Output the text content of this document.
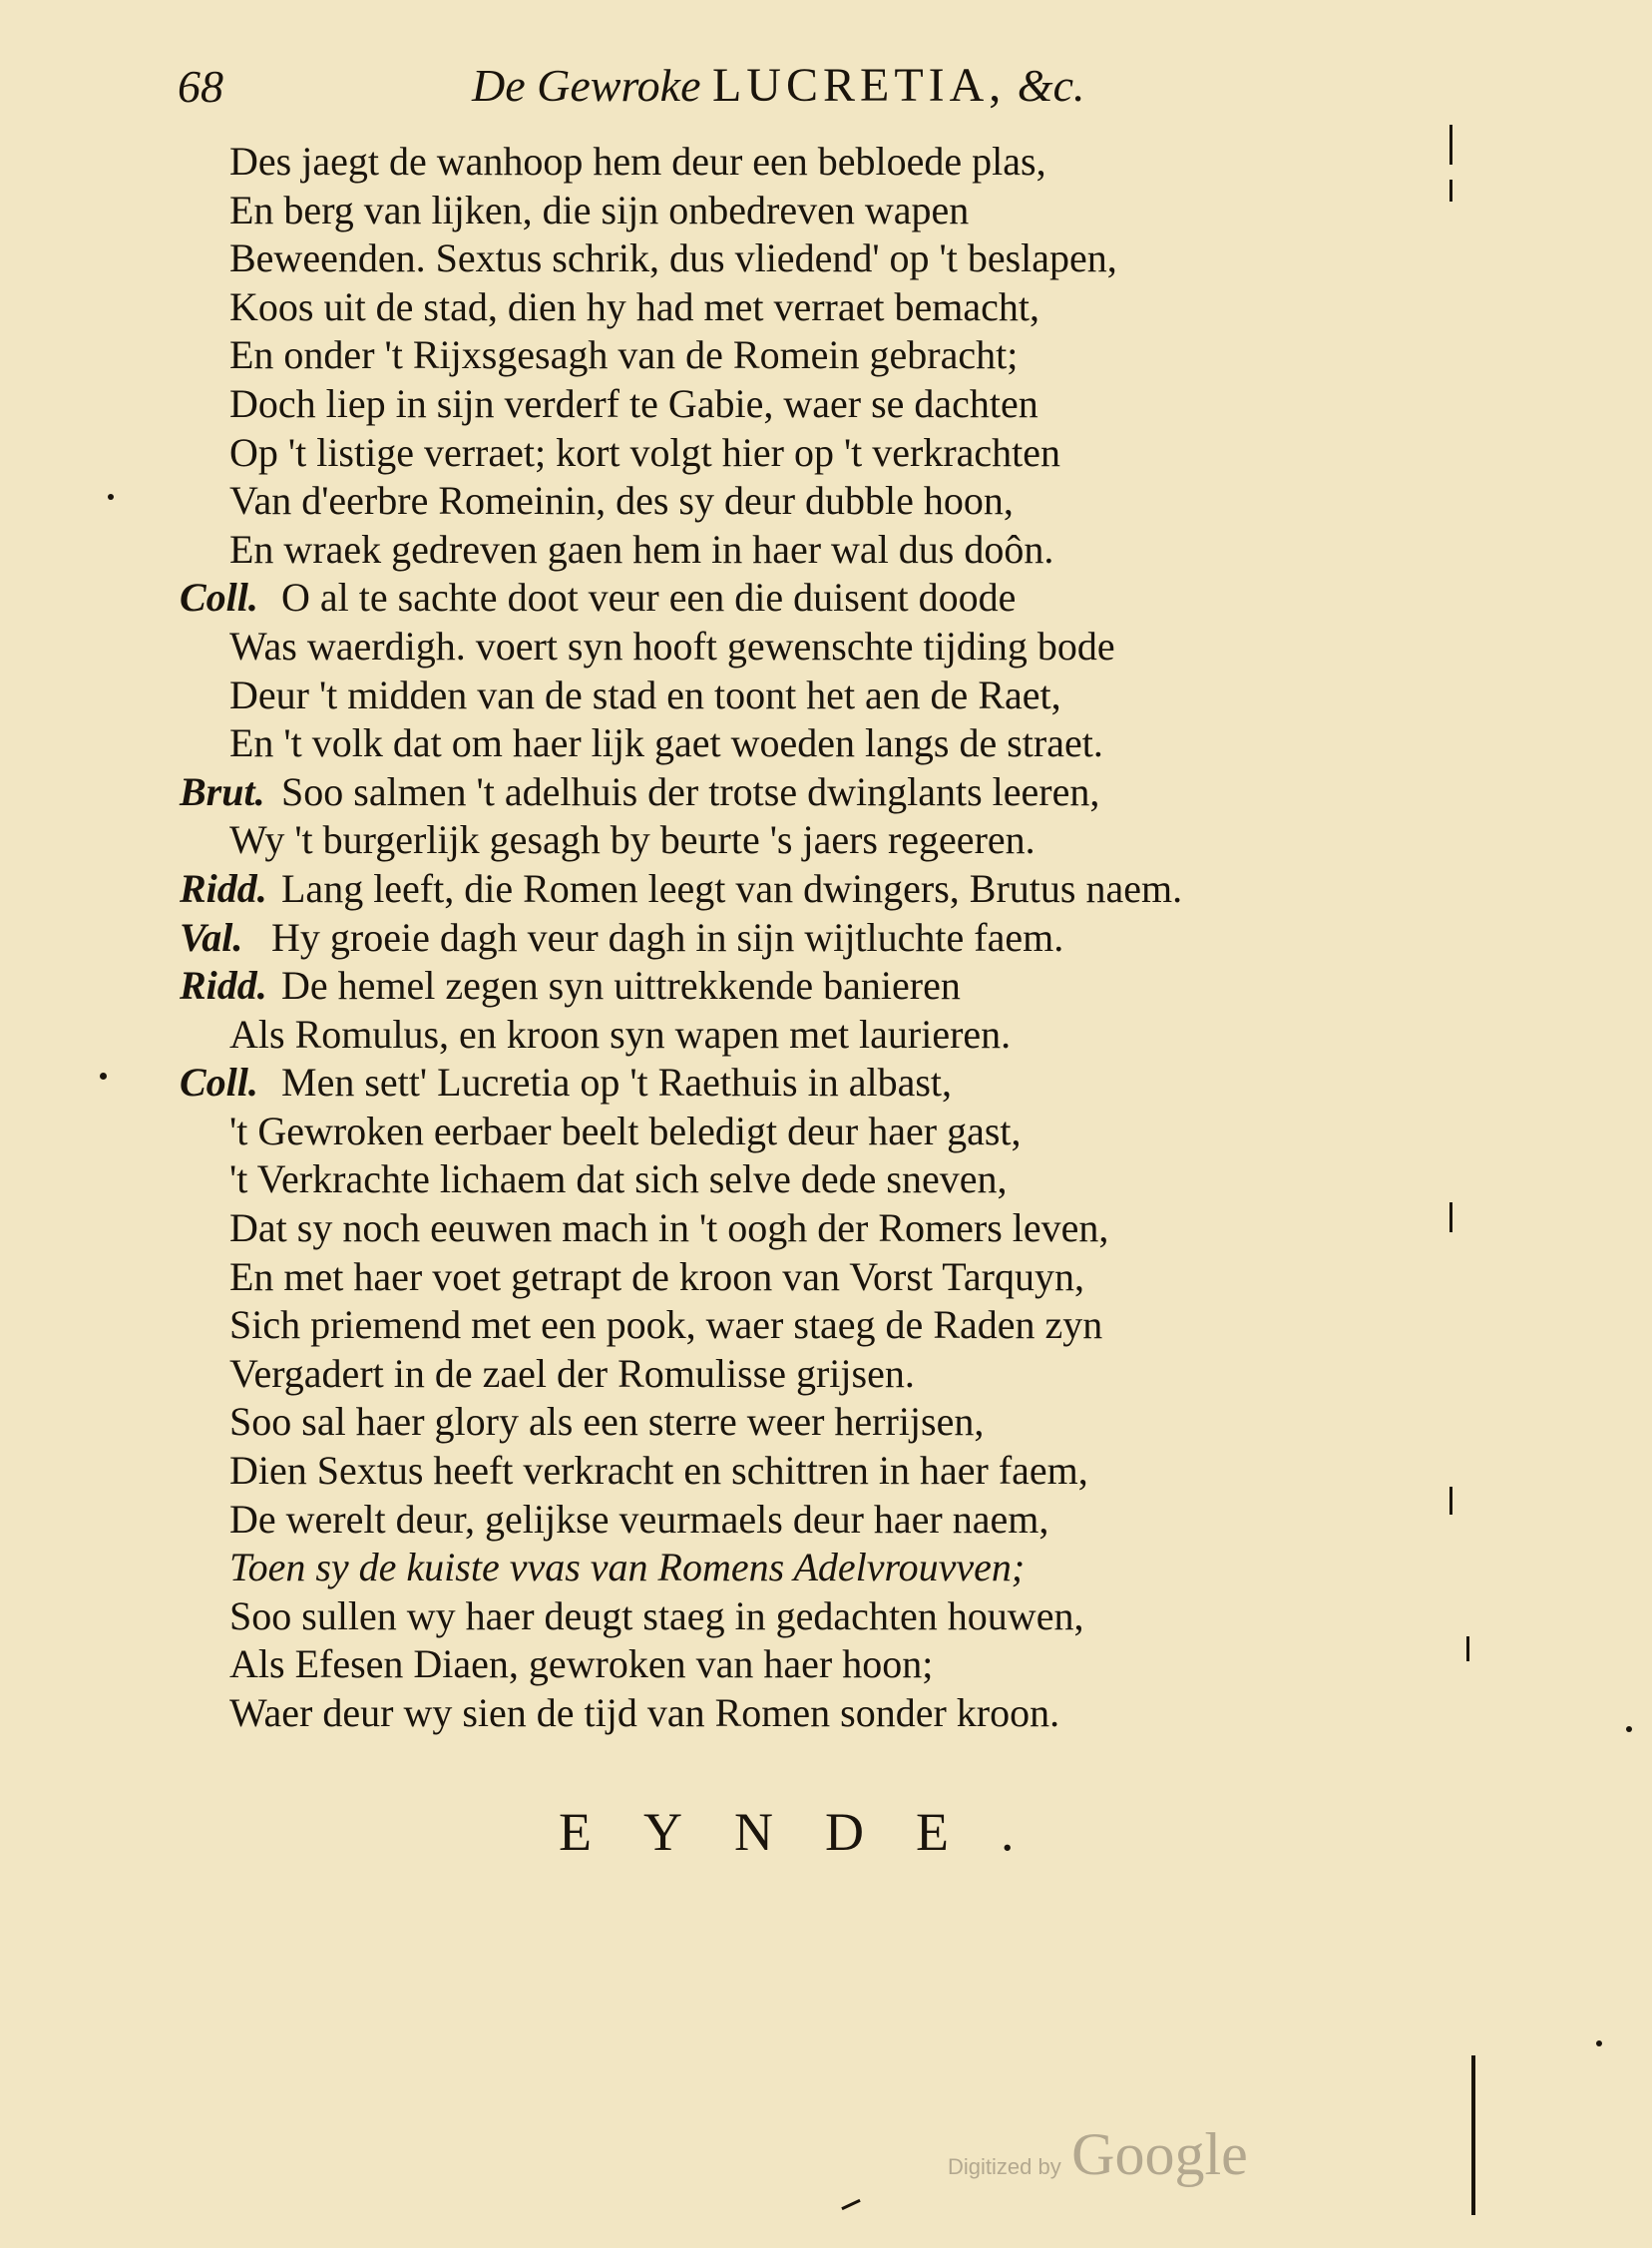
68	De Gewroke LUCRETIA, &c.
Des jaegt de wanhoop hem deur een bebloede plas,
En berg van lijken, die sijn onbedreven wapen
Beweenden. Sextus schrik, dus vliedend' op 't beslapen,
Koos uit de stad, dien hy had met verraet bemacht,
En onder 't Rijxsgesagh van de Romein gebracht;
Doch liep in sijn verderf te Gabie, waer se dachten
Op 't listige verraet; kort volgt hier op 't verkrachten
Van d'eerbre Romeinin, des sy deur dubble hoon,
En wraek gedreven gaen hem in haer wal dus doôn.
Coll. O al te sachte doot veur een die duisent doode
Was waerdigh. voert syn hooft gewenschte tijding bode
Deur 't midden van de stad en toont het aen de Raet,
En 't volk dat om haer lijk gaet woeden langs de straet.
Brut. Soo salmen 't adelhuis der trotse dwinglants leeren,
Wy 't burgerlijk gesagh by beurte 's jaers regeeren.
Ridd. Lang leeft, die Romen leegt van dwingers, Brutus naem.
Val. Hy groeie dagh veur dagh in sijn wijtluchte faem.
Ridd. De hemel zegen syn uittrekkende banieren
Als Romulus, en kroon syn wapen met laurieren.
Coll. Men sett' Lucretia op 't Raethuis in albast,
't Gewroken eerbaer beelt beledigt deur haer gast,
't Verkrachte lichaem dat sich selve dede sneven,
Dat sy noch eeuwen mach in 't oogh der Romers leven,
En met haer voet getrapt de kroon van Vorst Tarquyn,
Sich priemend met een pook, waer staeg de Raden zyn
Vergadert in de zael der Romulisse grijsen.
Soo sal haer glory als een sterre weer herrijsen,
Dien Sextus heeft verkracht en schittren in haer faem,
De werelt deur, gelijkse veurmaels deur haer naem,
Toen sy de kuiste vvas van Romens Adelvrouvven;
Soo sullen wy haer deugt staeg in gedachten houwen,
Als Efesen Diaen, gewroken van haer hoon;
Waer deur wy sien de tijd van Romen sonder kroon.
EYNDE.
Digitized by Google
